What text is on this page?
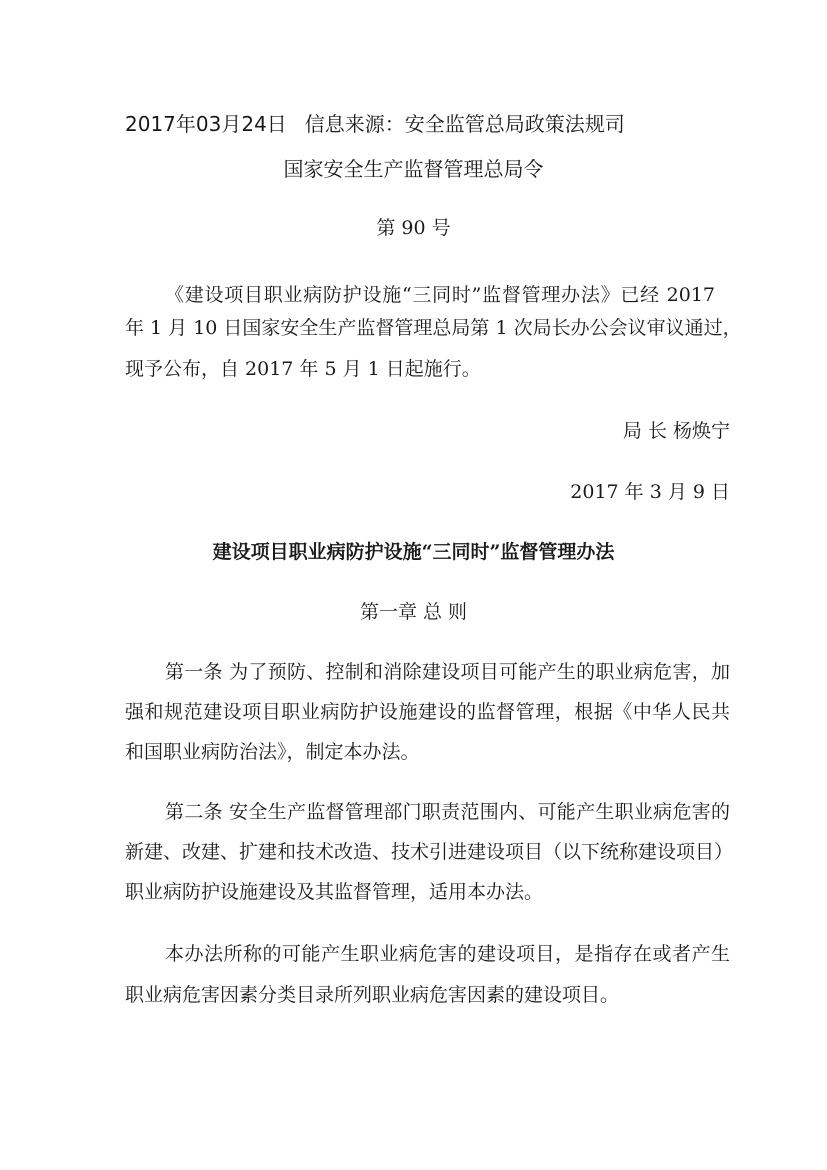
2017年03月24日 信息来源：安全监管总局政策法规司
国家安全生产监督管理总局令
第 90 号
《建设项目职业病防护设施“三同时”监督管理办法》已经 2017
年 1 月 10 日国家安全生产监督管理总局第 1 次局长办公会议审议通过，
现予公布，自 2017 年 5 月 1 日起施行。
局 长 杨焕宁
2017 年 3 月 9 日
建设项目职业病防护设施“三同时”监督管理办法
第一章 总 则
第一条 为了预防、控制和消除建设项目可能产生的职业病危害，加
强和规范建设项目职业病防护设施建设的监督管理，根据《中华人民共
和国职业病防治法》，制定本办法。
第二条 安全生产监督管理部门职责范围内、可能产生职业病危害的
新建、改建、扩建和技术改造、技术引进建设项目（以下统称建设项目）
职业病防护设施建设及其监督管理，适用本办法。
本办法所称的可能产生职业病危害的建设项目，是指存在或者产生
职业病危害因素分类目录所列职业病危害因素的建设项目。
